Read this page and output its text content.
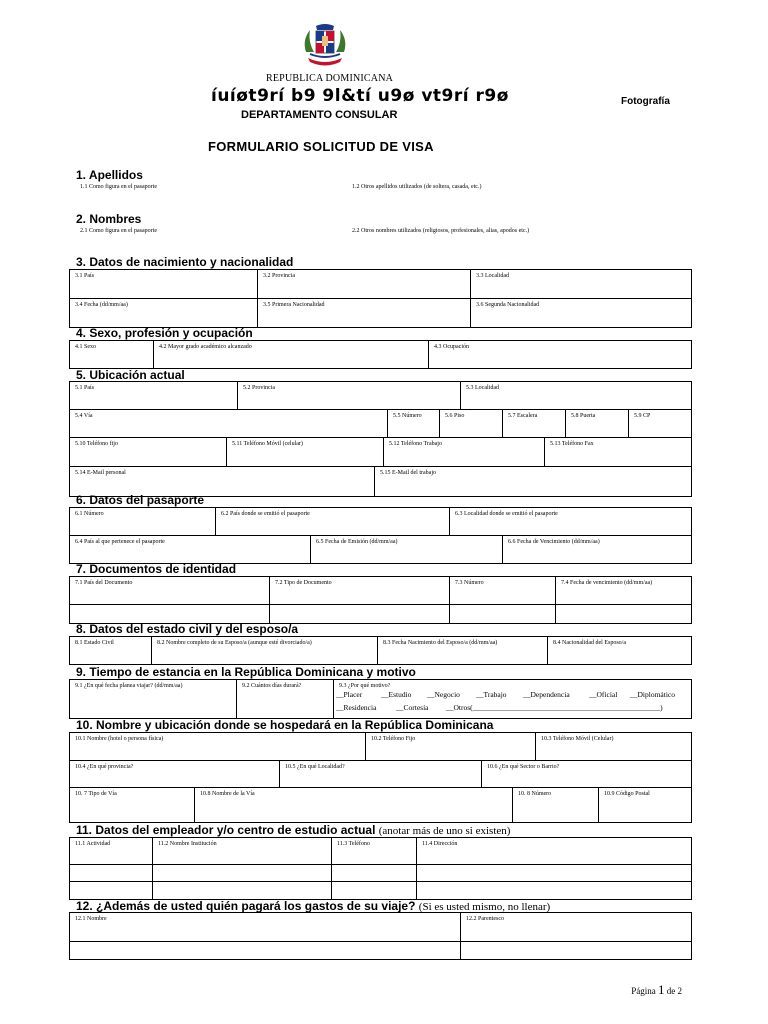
REPUBLICA DOMINICANA
íuíøt9rí b9 9l&tí u9ø vt9rí r9ø
DEPARTAMENTO CONSULAR
Fotografía
FORMULARIO SOLICITUD DE VISA
1. Apellidos
1.1 Como figura en el pasaporte	1.2 Otros apellidos utilizados (de soltera, casada, etc.)
2. Nombres
2.1 Como figura en el pasaporte	2.2 Otros nombres utilizados (religiosos, profesionales, alias, apodos etc.)
3. Datos de nacimiento y nacionalidad
3.1 País	3.2 Provincia	3.3 Localidad
3.4 Fecha (dd/mm/aa)	3.5 Primera Nacionalidad	3.6 Segunda Nacionalidad
4. Sexo, profesión y ocupación
4.1 Sexo	4.2 Mayor grado académico alcanzado	4.3 Ocupación
5. Ubicación actual
5.1 País	5.2 Provincia	5.3 Localidad
5.4 Vía	5.5 Número	5.6 Piso	5.7 Escalera	5.8 Puerta	5.9 CP
5.10 Teléfono fijo	5.11 Teléfono Móvil (celular)	5.12 Teléfono Trabajo	5.13 Teléfono Fax
5.14 E-Mail personal	5.15 E-Mail del trabajo
6. Datos del pasaporte
6.1 Número	6.2 País donde se emitió el pasaporte	6.3 Localidad donde se emitió el pasaporte
6.4 País al que pertenece el pasaporte	6.5 Fecha de Emisión (dd/mm/aa)	6.6 Fecha de Vencimiento (dd/mm/aa)
7. Documentos de identidad
7.1 País del Documento	7.2 Tipo de Documento	7.3 Número	7.4 Fecha de vencimiento (dd/mm/aa)
8. Datos del estado civil y del esposo/a
8.1 Estado Civil	8.2 Nombre completo de su Esposo/a (aunque esté divorciado/a)	8.3 Fecha Nacimiento del Esposo/a (dd/mm/aa)	8.4 Nacionalidad del Esposo/a
9. Tiempo de estancia en la República Dominicana y motivo
9.1 ¿En qué fecha planea viajar? (dd/mm/aa)	9.2 Cuántos días durará?	9.3 ¿Por qué motivo?
__Placer	__Estudio __Negocio __Trabajo __Dependencia	__Oficial __Diplomático
__Residencia	__Cortesía __Otros(__________________________________________________)
10. Nombre y ubicación donde se hospedará en la República Dominicana
10.1 Nombre (hotel o persona física)	10.2 Teléfono Fijo	10.3 Teléfono Móvil (Celular)
10.4 ¿En qué provincia?	10.5 ¿En qué Localidad?	10.6 ¿En qué Sector o Barrio?
10. 7 Tipo de Vía	10.8 Nombre de la Vía	10. 8 Número	10.9 Código Postal
11. Datos del empleador y/o centro de estudio actual (anotar más de uno si existen)
11.1 Actividad	11.2 Nombre Institución	11.3 Teléfono	11.4 Dirección
12. ¿Además de usted quién pagará los gastos de su viaje? (Si es usted mismo, no llenar)
12.1 Nombre	12.2 Parentesco
Página 1 de 2
